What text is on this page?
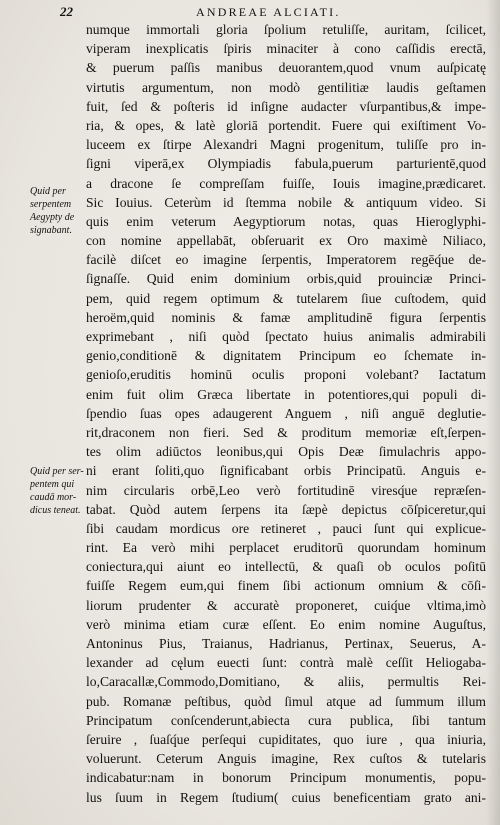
22	ANDREAE ALCIATI.
Quid per
serpentem
Aegypty de
signabant.
Quid per ser-
pentem qui
caudā mor-
dicus teneat.
numque immortali gloria ſpolium retuliſſe, auritam, ſcilicet,
viperam inexplicatis ſpiris minaciter à cono caſſidis erectā,
& puerum paſſis manibus deuorantem,quod vnum auſpicatę
virtutis argumentum, non modò gentilitiæ laudis geſtamen
fuit, ſed & poſteris id inſigne audacter vſurpantibus,& impe-
ria, & opes, & latè gloriā portendit. Fuere qui exiſtiment Vo-
luceem ex ſtirpe Alexandri Magni progenitum, tuliſſe pro in-
ſigni viperā,ex Olympiadis fabula,puerum parturientē,quod
a dracone ſe compreſſam fuiſſe, Iouis imagine,prædicaret.
Sic Iouius. Ceterùm id ſtemma nobile & antiquum video. Si
quis enim veterum Aegyptiorum notas, quas Hieroglyphi-
con nomine appellabāt, obſeruarit ex Oro maximè Niliaco,
facilè diſcet eo imagine ſerpentis, Imperatorem regēq́ue de-
ſignaſſe. Quid enim dominium orbis,quid prouinciæ Princi-
pem, quid regem optimum & tutelarem ſiue cuſtodem, quid
heroëm,quid nominis & famæ amplitudinē figura ſerpentis
exprimebant , niſi quòd ſpectato huius animalis admirabili
genio,conditionē & dignitatem Principum eo ſchemate in-
genioſo,eruditis hominū oculis proponi volebant? Iactatum
enim fuit olim Græca libertate in potentiores,qui populi di-
ſpendio ſuas opes adaugerent Anguem , niſi anguē deglutie-
rit,draconem non fieri. Sed & proditum memoriæ eſt,ſerpen-
tes olim adiūctos leonibus,qui Opis Deæ ſimulachris appo-
ni erant ſoliti,quo ſignificabant orbis Principatū. Anguis e-
nim circularis orbē,Leo verò fortitudinē viresq́ue repræſen-
tabat. Quòd autem ſerpens ita ſæpè depictus cōſpiceretur,qui
ſibi caudam mordicus ore retineret , pauci ſunt qui explicue-
rint. Ea verò mihi perplacet eruditorū quorundam hominum
coniectura,qui aiunt eo intellectū, & quaſi ob oculos poſitū
fuiſſe Regem eum,qui finem ſibi actionum omnium & cōſi-
liorum prudenter & accuratè proponeret, cuiq́ue vltima,imò
verò minima etiam curæ eſſent. Eo enim nomine Auguſtus,
Antoninus Pius, Traianus, Hadrianus, Pertinax, Seuerus, A-
lexander ad cęlum euecti ſunt: contrà malè ceſſit Heliogaba-
lo,Caracallæ,Commodo,Domitiano, & aliis, permultis Rei-
pub. Romanæ peſtibus, quòd ſimul atque ad ſummum illum
Principatum conſcenderunt,abiecta cura publica, ſibi tantum
ſeruire , ſuaſq́ue perſequi cupiditates, quo iure , qua iniuria,
voluerunt. Ceterum Anguis imagine, Rex cuſtos & tutelaris
indicabatur:nam in bonorum Principum monumentis, popu-
lus ſuum in Regem ſtudium( cuius beneficentiam grato ani-
